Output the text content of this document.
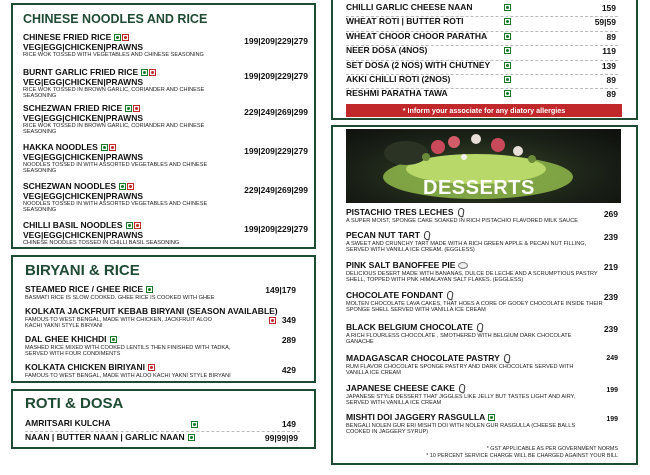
CHINESE NOODLES AND RICE
CHINESE FRIED RICE
VEG|EGG|CHICKEN|PRAWNS
RICE WOK TOSSED WITH VEGETABLES AND CHINESE SEASONING
199|209|229|279
BURNT GARLIC FRIED RICE
VEG|EGG|CHICKEN|PRAWNS
RICE WOK TOSSED IN BROWN GARLIC, CORIANDER AND CHINESE SEASONING
199|209|229|279
SCHEZWAN FRIED RICE
VEG|EGG|CHICKEN|PRAWNS
RICE WOK TOSSED IN BROWN GARLIC, CORIANDER AND CHINESE SEASONING
229|249|269|299
HAKKA NOODLES
VEG|EGG|CHICKEN|PRAWNS
NOODLES TOSSED IN WITH ASSORTED VEGETABLES AND CHINESE SEASONING
199|209|229|279
SCHEZWAN NOODLES
VEG|EGG|CHICKEN|PRAWNS
NOODLES TOSSED IN WITH ASSORTED VEGETABLES AND CHINESE SEASONING
229|249|269|299
CHILLI BASIL NOODLES
VEG|EGG|CHICKEN|PRAWNS
CHINESE NOODLES TOSSED IN CHILLI BASIL SEASONING
199|209|229|279
BIRYANI & RICE
STEAMED RICE / GHEE RICE
BASMATI RICE IS SLOW COOKED. GHEE RICE IS COOKED WITH GHEE
149|179
KOLKATA JACKFRUIT KEBAB BIRYANI (SEASON AVAILABLE)
FAMOUS TO WEST BENGAL, MADE WITH CHICKEN, JACKFRUIT ALOO KACHI YAKNI STYLE BIRYANI
349
DAL GHEE KHICHDI
MASHED RICE MIXED WITH COOKED LENTILS THEN FINISHED WITH TADKA, SERVED WITH FOUR CONDIMENTS
289
KOLKATA CHICKEN BIRIYANI
FAMOUS TO WEST BENGAL, MADE WITH ALOO KACHI YAKNI STYLE BIRYANI
429
ROTI & DOSA
AMRITSARI KULCHA	149
NAAN | BUTTER NAAN | GARLIC NAAN	99|99|99
CHILLI GARLIC CHEESE NAAN	159
WHEAT ROTI | BUTTER ROTI	59|59
WHEAT CHOOR CHOOR PARATHA	89
NEER DOSA (4NOS)	119
SET DOSA (2 NOS) WITH CHUTNEY	139
AKKI CHILLI ROTI (2NOS)	89
RESHMI PARATHA TAWA	89
* Inform your associate for any diatory allergies
DESSERTS
PISTACHIO TRES LECHES
A SUPER MOIST, SPONGE CAKE SOAKED IN RICH PISTACHIO FLAVORED MILK SAUCE
269
PECAN NUT TART
A SWEET AND CRUNCHY TART MADE WITH A RICH GREEN APPLE & PECAN NUT FILLING, SERVED WITH VANILLA ICE CREAM. (EGGLESS)
239
PINK SALT BANOFFEE PIE
DELICIOUS DESERT MADE WITH BANANAS, DULCE DE LECHE AND A SCRUMPTIOUS PASTRY SHELL, TOPPED WITH PNK HIMALAYAN SALT FLAKES. (EGGLESS)
219
CHOCOLATE FONDANT
MOLTEN CHOCOLATE LAVA CAKES, THAT HOES A CORE OF GOOEY CHOCOLATE INSIDE THEIR SPONGE SHELL SERVED WITH VANILLA ICE CREAM
239
BLACK BELGIUM CHOCOLATE
A RICH FLOURLESS CHOCOLATE , SMOTHERED WITH BELGIUM DARK CHOCOLATE GANACHE
239
MADAGASCAR CHOCOLATE PASTRY
RUM FLAVOR CHOCOLATE SPONGE PASTRY AND DARK CHOCOLATE SERVED WITH VANILLA ICE CREAM
249
JAPANESE CHEESE CAKE
JAPANESE STYLE DESSERT THAT JIGGLES LIKE JELLY BUT TASTES LIGHT AND AIRY, SERVED WITH VANILLA ICE CREAM
199
MISHTI DOI JAGGERY RASGULLA
BENGALI NOLEN GUR ERI MISHTI DOI WITH NOLEN GUR RASGULLA (CHEESE BALLS COOKED IN JAGGERY SYRUP)
199
* GST APPLICABLE AS PER GOVERNMENT NORMS
* 10 PERCENT SERVICE CHARGE WILL BE CHARGED AGAINST YOUR BILL
